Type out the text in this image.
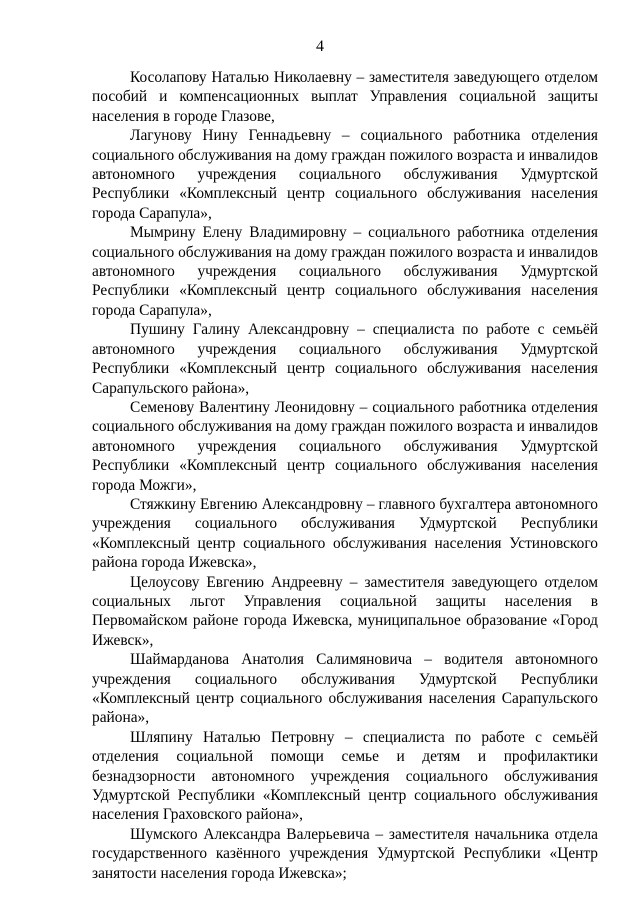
4

Косолапову Наталью Николаевну – заместителя заведующего отделом пособий и компенсационных выплат Управления социальной защиты населения в городе Глазове,

Лагунову Нину Геннадьевну – социального работника отделения социального обслуживания на дому граждан пожилого возраста и инвалидов автономного учреждения социального обслуживания Удмуртской Республики «Комплексный центр социального обслуживания населения города Сарапула»,

Мымрину Елену Владимировну – социального работника отделения социального обслуживания на дому граждан пожилого возраста и инвалидов автономного учреждения социального обслуживания Удмуртской Республики «Комплексный центр социального обслуживания населения города Сарапула»,

Пушину Галину Александровну – специалиста по работе с семьёй автономного учреждения социального обслуживания Удмуртской Республики «Комплексный центр социального обслуживания населения Сарапульского района»,

Семенову Валентину Леонидовну – социального работника отделения социального обслуживания на дому граждан пожилого возраста и инвалидов автономного учреждения социального обслуживания Удмуртской Республики «Комплексный центр социального обслуживания населения города Можги»,

Стяжкину Евгению Александровну – главного бухгалтера автономного учреждения социального обслуживания Удмуртской Республики «Комплексный центр социального обслуживания населения Устиновского района города Ижевска»,

Целоусову Евгению Андреевну – заместителя заведующего отделом социальных льгот Управления социальной защиты населения в Первомайском районе города Ижевска, муниципальное образование «Город Ижевск»,

Шаймарданова Анатолия Салимяновича – водителя автономного учреждения социального обслуживания Удмуртской Республики «Комплексный центр социального обслуживания населения Сарапульского района»,

Шляпину Наталью Петровну – специалиста по работе с семьёй отделения социальной помощи семье и детям и профилактики безнадзорности автономного учреждения социального обслуживания Удмуртской Республики «Комплексный центр социального обслуживания населения Граховского района»,

Шумского Александра Валерьевича – заместителя начальника отдела государственного казённого учреждения Удмуртской Республики «Центр занятости населения города Ижевска»;
